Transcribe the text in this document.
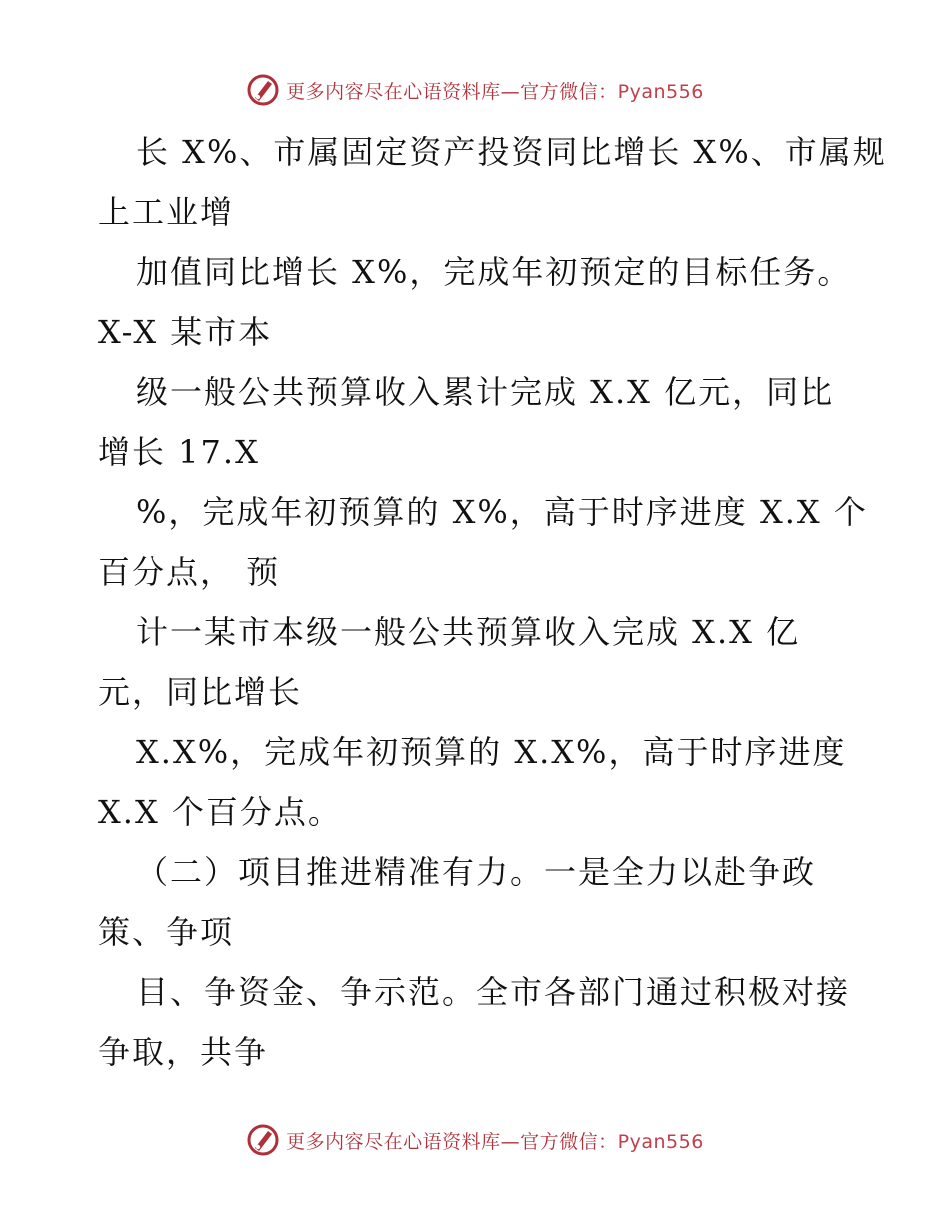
更多内容尽在心语资料库—官方微信：Pyan556
长 X%、市属固定资产投资同比增长 X%、市属规
上工业增
加值同比增长 X%，完成年初预定的目标任务。
X-X 某市本
级一般公共预算收入累计完成 X.X 亿元，同比
增长 17.X
%，完成年初预算的 X%，高于时序进度 X.X 个
百分点， 预
计一某市本级一般公共预算收入完成 X.X 亿
元，同比增长
X.X%，完成年初预算的 X.X%，高于时序进度
X.X 个百分点。
（二）项目推进精准有力。一是全力以赴争政
策、争项
目、争资金、争示范。全市各部门通过积极对接
争取，共争
更多内容尽在心语资料库—官方微信：Pyan556
